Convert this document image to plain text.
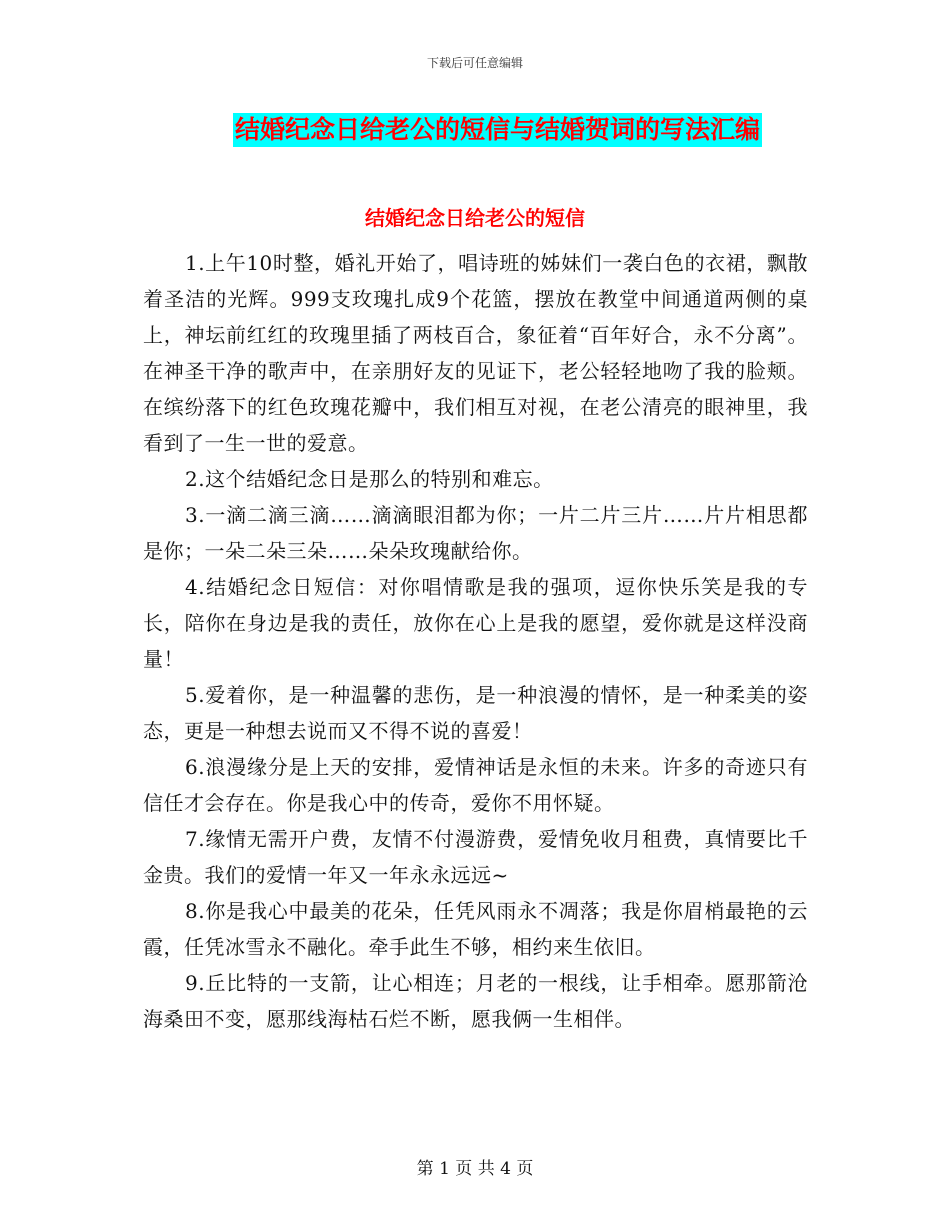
下载后可任意编辑
结婚纪念日给老公的短信与结婚贺词的写法汇编
结婚纪念日给老公的短信

1.上午10时整，婚礼开始了，唱诗班的姊妹们一袭白色的衣裙，飘散着圣洁的光辉。999支玫瑰扎成9个花篮，摆放在教堂中间通道两侧的桌上，神坛前红红的玫瑰里插了两枝百合，象征着“百年好合，永不分离”。在神圣干净的歌声中，在亲朋好友的见证下，老公轻轻地吻了我的脸颊。在缤纷落下的红色玫瑰花瓣中，我们相互对视，在老公清亮的眼神里，我看到了一生一世的爱意。

2.这个结婚纪念日是那么的特别和难忘。

3.一滴二滴三滴……滴滴眼泪都为你；一片二片三片……片片相思都是你；一朵二朵三朵……朵朵玫瑰献给你。

4.结婚纪念日短信：对你唱情歌是我的强项，逗你快乐笑是我的专长，陪你在身边是我的责任，放你在心上是我的愿望，爱你就是这样没商量！

5.爱着你，是一种温馨的悲伤，是一种浪漫的情怀，是一种柔美的姿态，更是一种想去说而又不得不说的喜爱！

6.浪漫缘分是上天的安排，爱情神话是永恒的未来。许多的奇迹只有信任才会存在。你是我心中的传奇，爱你不用怀疑。

7.缘情无需开户费，友情不付漫游费，爱情免收月租费，真情要比千金贵。我们的爱情一年又一年永永远远~

8.你是我心中最美的花朵，任凭风雨永不凋落；我是你眉梢最艳的云霞，任凭冰雪永不融化。牵手此生不够，相约来生依旧。

9.丘比特的一支箭，让心相连；月老的一根线，让手相牵。愿那箭沧海桑田不变，愿那线海枯石烂不断，愿我俩一生相伴。

第 1 页 共 4 页
